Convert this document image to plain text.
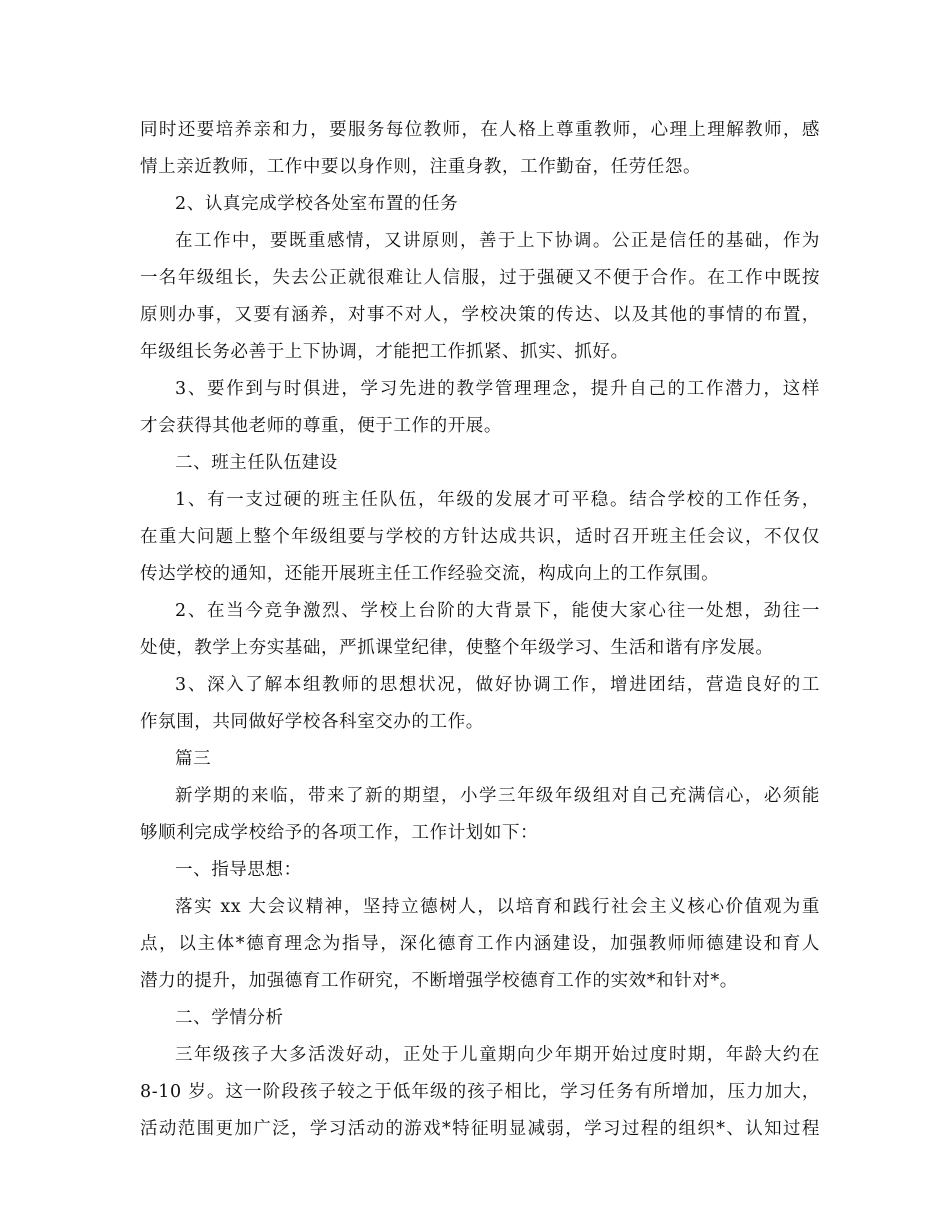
同时还要培养亲和力，要服务每位教师，在人格上尊重教师，心理上理解教师，感
情上亲近教师，工作中要以身作则，注重身教，工作勤奋，任劳任怨。
2、认真完成学校各处室布置的任务
在工作中，要既重感情，又讲原则，善于上下协调。公正是信任的基础，作为
一名年级组长，失去公正就很难让人信服，过于强硬又不便于合作。在工作中既按
原则办事，又要有涵养，对事不对人，学校决策的传达、以及其他的事情的布置，
年级组长务必善于上下协调，才能把工作抓紧、抓实、抓好。
3、要作到与时俱进，学习先进的教学管理理念，提升自己的工作潜力，这样
才会获得其他老师的尊重，便于工作的开展。
二、班主任队伍建设
1、有一支过硬的班主任队伍，年级的发展才可平稳。结合学校的工作任务，
在重大问题上整个年级组要与学校的方针达成共识，适时召开班主任会议，不仅仅
传达学校的通知，还能开展班主任工作经验交流，构成向上的工作氛围。
2、在当今竞争激烈、学校上台阶的大背景下，能使大家心往一处想，劲往一
处使，教学上夯实基础，严抓课堂纪律，使整个年级学习、生活和谐有序发展。
3、深入了解本组教师的思想状况，做好协调工作，增进团结，营造良好的工
作氛围，共同做好学校各科室交办的工作。
篇三
新学期的来临，带来了新的期望，小学三年级年级组对自己充满信心，必须能
够顺利完成学校给予的各项工作，工作计划如下：
一、指导思想：
落实 xx 大会议精神，坚持立德树人，以培育和践行社会主义核心价值观为重
点，以主体*德育理念为指导，深化德育工作内涵建设，加强教师师德建设和育人
潜力的提升，加强德育工作研究，不断增强学校德育工作的实效*和针对*。
二、学情分析
三年级孩子大多活泼好动，正处于儿童期向少年期开始过度时期，年龄大约在
8-10 岁。这一阶段孩子较之于低年级的孩子相比，学习任务有所增加，压力加大，
活动范围更加广泛，学习活动的游戏*特征明显减弱，学习过程的组织*、认知过程
